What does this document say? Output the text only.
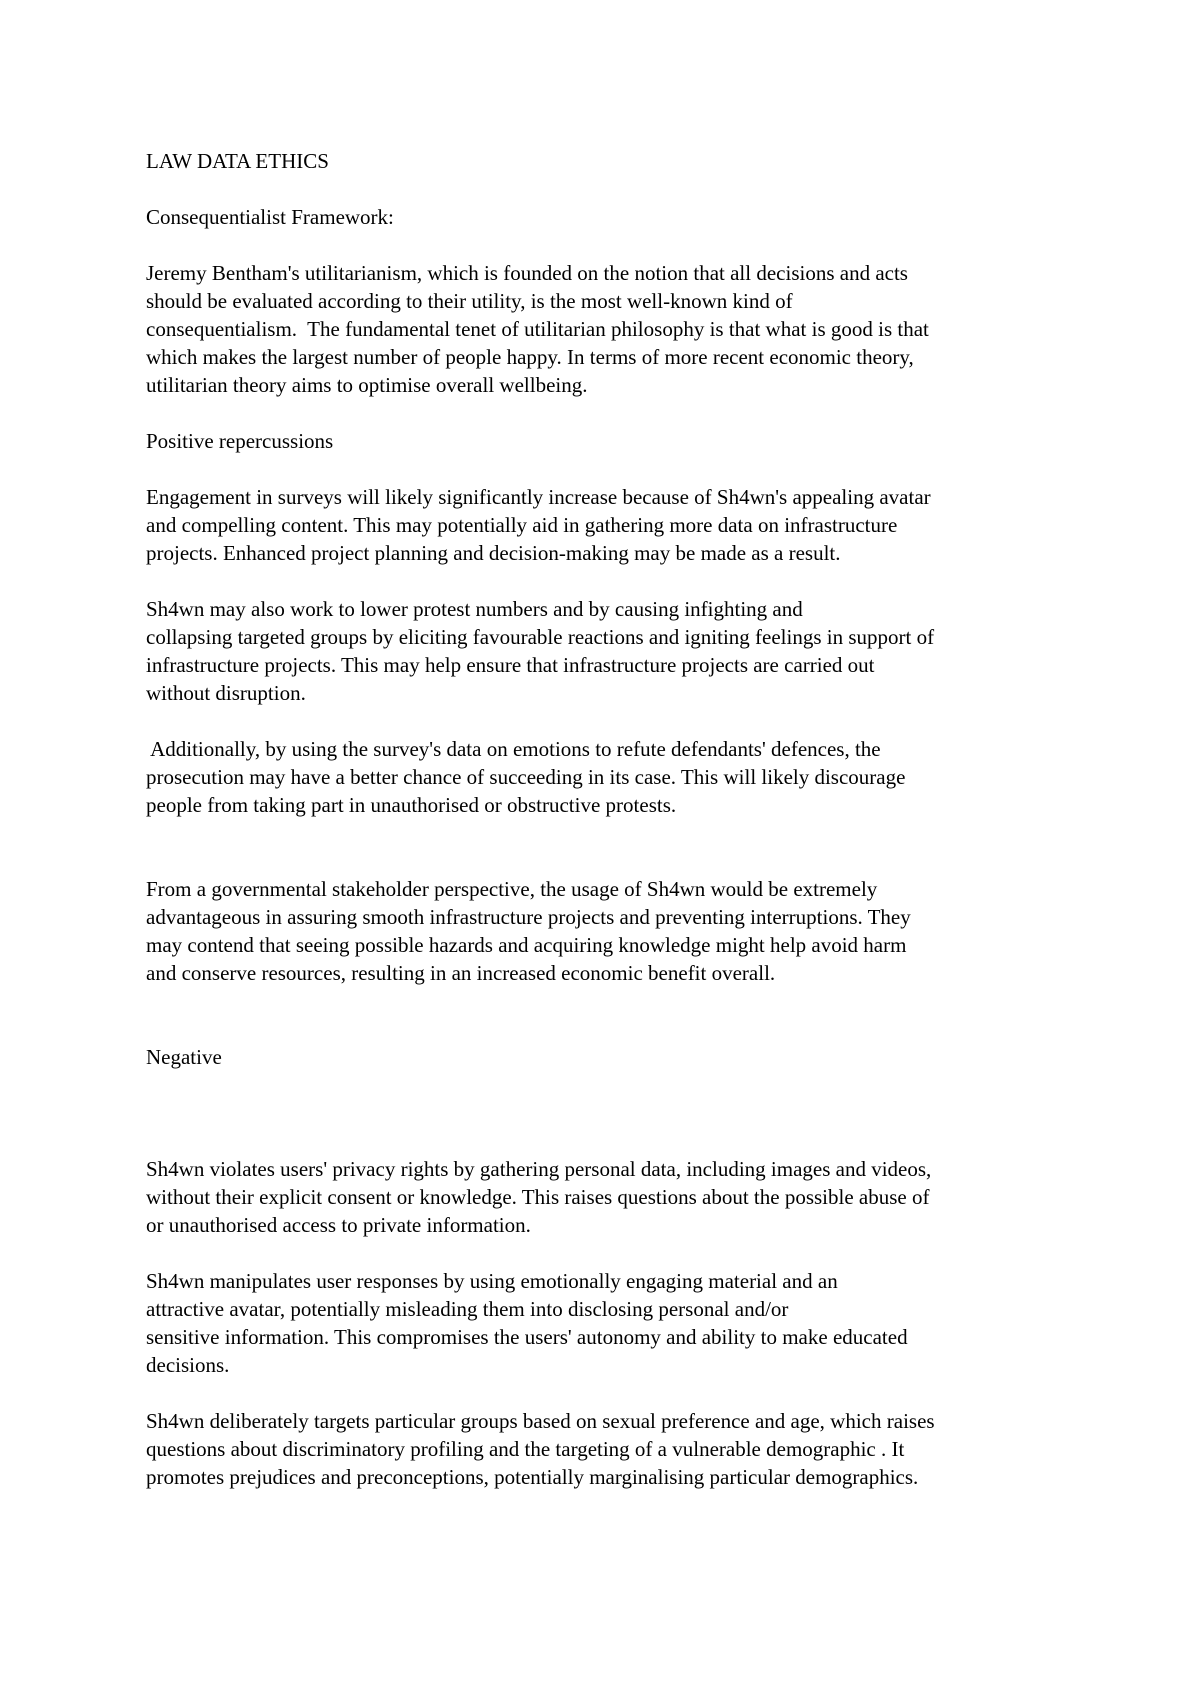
LAW DATA ETHICS

Consequentialist Framework:

Jeremy Bentham's utilitarianism, which is founded on the notion that all decisions and acts

should be evaluated according to their utility, is the most well-known kind of

consequentialism.  The fundamental tenet of utilitarian philosophy is that what is good is that

which makes the largest number of people happy. In terms of more recent economic theory,

utilitarian theory aims to optimise overall wellbeing.

Positive repercussions

Engagement in surveys will likely significantly increase because of Sh4wn's appealing avatar

and compelling content. This may potentially aid in gathering more data on infrastructure

projects. Enhanced project planning and decision-making may be made as a result.

Sh4wn may also work to lower protest numbers and by causing infighting and

collapsing targeted groups by eliciting favourable reactions and igniting feelings in support of

infrastructure projects. This may help ensure that infrastructure projects are carried out

without disruption.

Additionally, by using the survey's data on emotions to refute defendants' defences, the

prosecution may have a better chance of succeeding in its case. This will likely discourage

people from taking part in unauthorised or obstructive protests.

From a governmental stakeholder perspective, the usage of Sh4wn would be extremely

advantageous in assuring smooth infrastructure projects and preventing interruptions. They

may contend that seeing possible hazards and acquiring knowledge might help avoid harm

and conserve resources, resulting in an increased economic benefit overall.

Negative

Sh4wn violates users' privacy rights by gathering personal data, including images and videos,

without their explicit consent or knowledge. This raises questions about the possible abuse of

or unauthorised access to private information.

Sh4wn manipulates user responses by using emotionally engaging material and an

attractive avatar, potentially misleading them into disclosing personal and/or

sensitive information. This compromises the users' autonomy and ability to make educated

decisions.

Sh4wn deliberately targets particular groups based on sexual preference and age, which raises

questions about discriminatory profiling and the targeting of a vulnerable demographic . It

promotes prejudices and preconceptions, potentially marginalising particular demographics.
